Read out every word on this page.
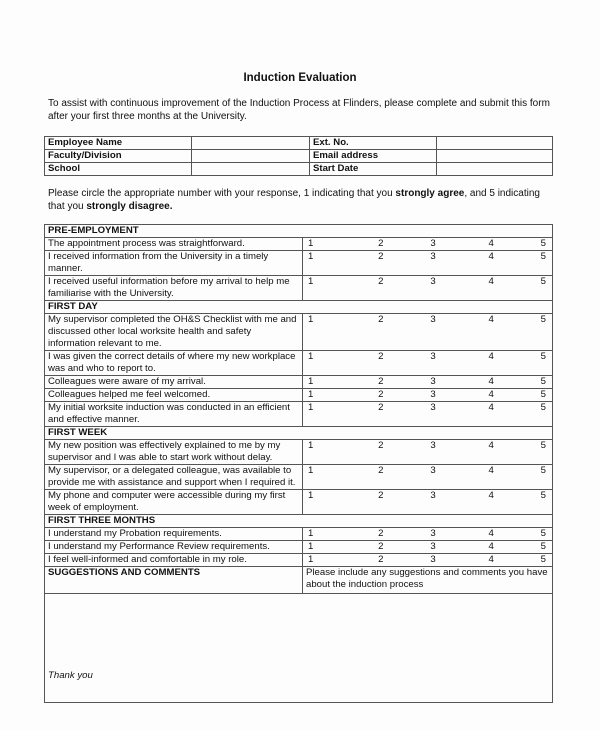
Induction Evaluation

To assist with continuous improvement of the Induction Process at Flinders, please complete and submit this form after your first three months at the University.

Employee Name		Ext. No.	
Faculty/Division		Email address	
School		Start Date	

Please circle the appropriate number with your response, 1 indicating that you strongly agree, and 5 indicating that you strongly disagree.

PRE-EMPLOYMENT	
The appointment process was straightforward.	1 2 3 4 5

I received information from the University in a timely manner.	1 2 3 4 5

I received useful information before my arrival to help me familiarise with the University.	1 2 3 4 5

FIRST DAY	
My supervisor completed the OH&S Checklist with me and discussed other local worksite health and safety information relevant to me.	1 2 3 4 5

I was given the correct details of where my new workplace was and who to report to.	1 2 3 4 5

Colleagues were aware of my arrival.	1 2 3 4 5

Colleagues helped me feel welcomed.	1 2 3 4 5

My initial worksite induction was conducted in an efficient and effective manner.	1 2 3 4 5

FIRST WEEK	
My new position was effectively explained to me by my supervisor and I was able to start work without delay.	1 2 3 4 5

My supervisor, or a delegated colleague, was available to provide me with assistance and support when I required it.	1 2 3 4 5

My phone and computer were accessible during my first week of employment.	1 2 3 4 5

FIRST THREE MONTHS	
I understand my Probation requirements.	1 2 3 4 5

I understand my Performance Review requirements.	1 2 3 4 5

I feel well-informed and comfortable in my role.	1 2 3 4 5

SUGGESTIONS AND COMMENTS	Please include any suggestions and comments you have about the induction process
Thank you	
